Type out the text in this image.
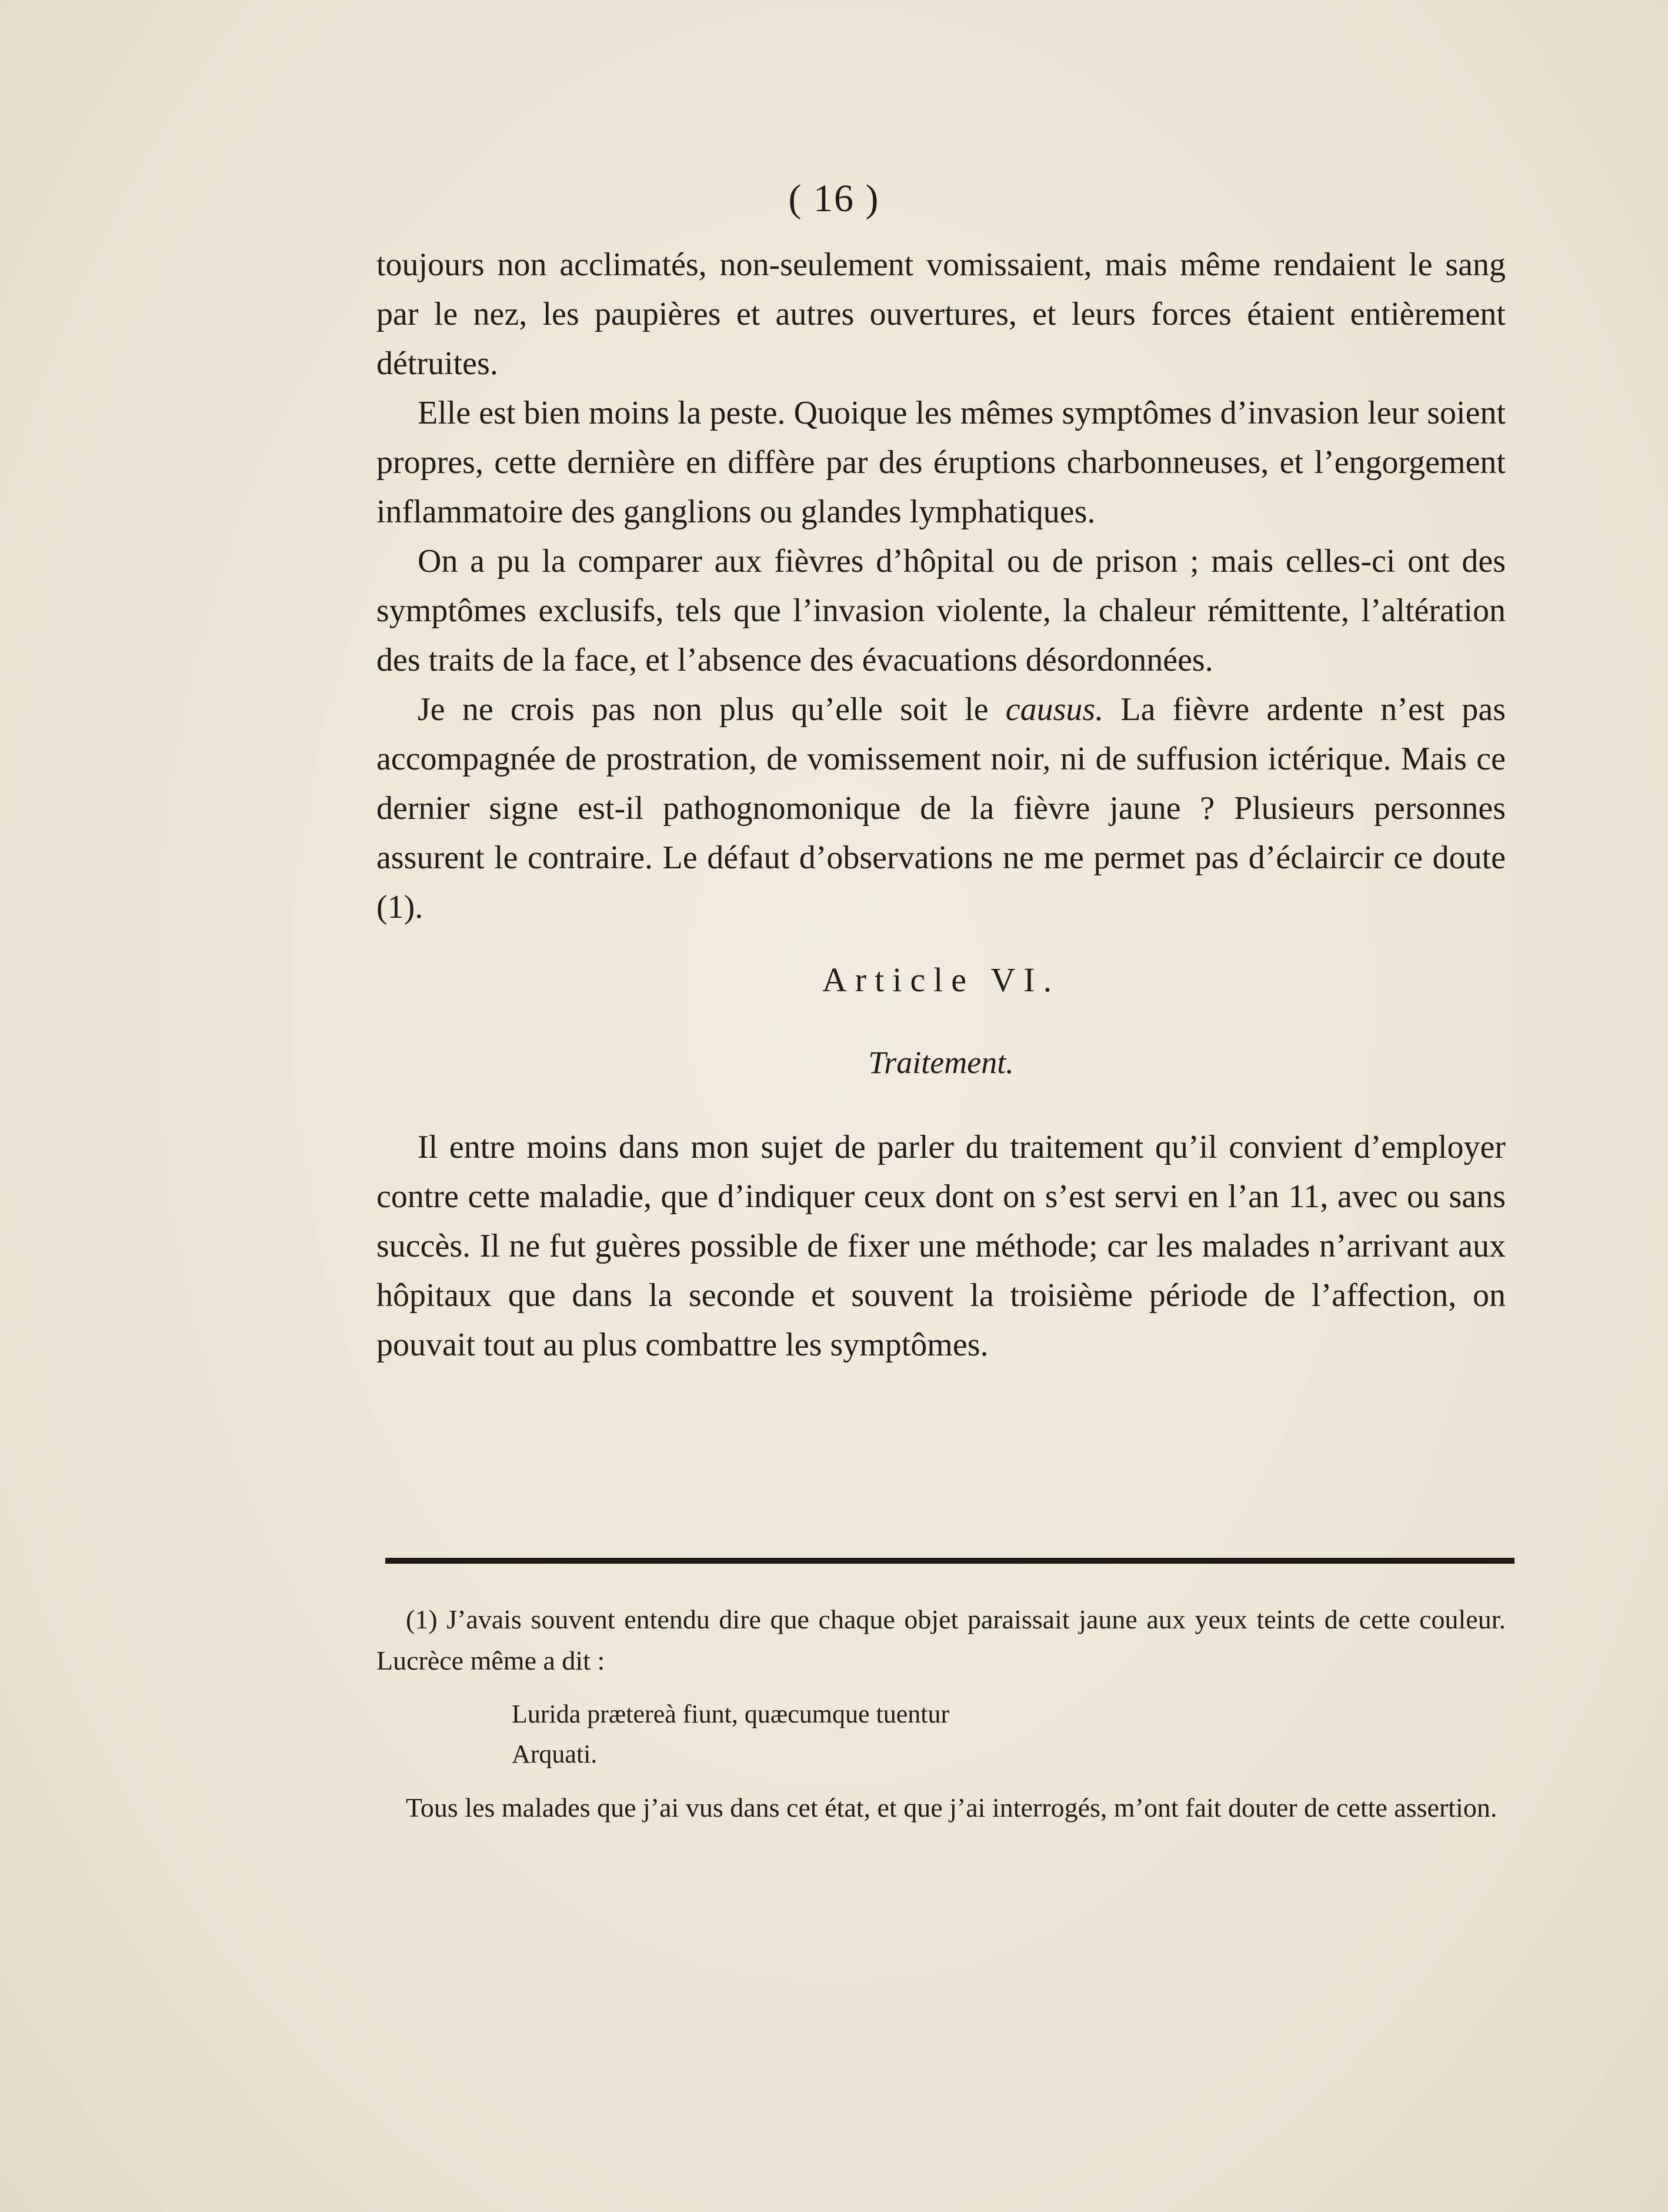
( 16 )

toujours non acclimatés, non-seulement vomissaient, mais même rendaient le sang par le nez, les paupières et autres ouvertures, et leurs forces étaient entièrement détruites.

Elle est bien moins la peste. Quoique les mêmes symptômes d’invasion leur soient propres, cette dernière en diffère par des éruptions charbonneuses, et l’engorgement inflammatoire des ganglions ou glandes lymphatiques.

On a pu la comparer aux fièvres d’hôpital ou de prison ; mais celles-ci ont des symptômes exclusifs, tels que l’invasion violente, la chaleur rémittente, l’altération des traits de la face, et l’absence des évacuations désordonnées.

Je ne crois pas non plus qu’elle soit le causus. La fièvre ardente n’est pas accompagnée de prostration, de vomissement noir, ni de suffusion ictérique. Mais ce dernier signe est-il pathognomonique de la fièvre jaune ? Plusieurs personnes assurent le contraire. Le défaut d’observations ne me permet pas d’éclaircir ce doute (1).

Article VI.

Traitement.

Il entre moins dans mon sujet de parler du traitement qu’il convient d’employer contre cette maladie, que d’indiquer ceux dont on s’est servi en l’an 11, avec ou sans succès. Il ne fut guères possible de fixer une méthode; car les malades n’arrivant aux hôpitaux que dans la seconde et souvent la troisième période de l’affection, on pouvait tout au plus combattre les symptômes.

(1) J’avais souvent entendu dire que chaque objet paraissait jaune aux yeux teints de cette couleur. Lucrèce même a dit :

Lurida prætereà fiunt, quæcumque tuentur

Arquati.

Tous les malades que j’ai vus dans cet état, et que j’ai interrogés, m’ont fait douter de cette assertion.
